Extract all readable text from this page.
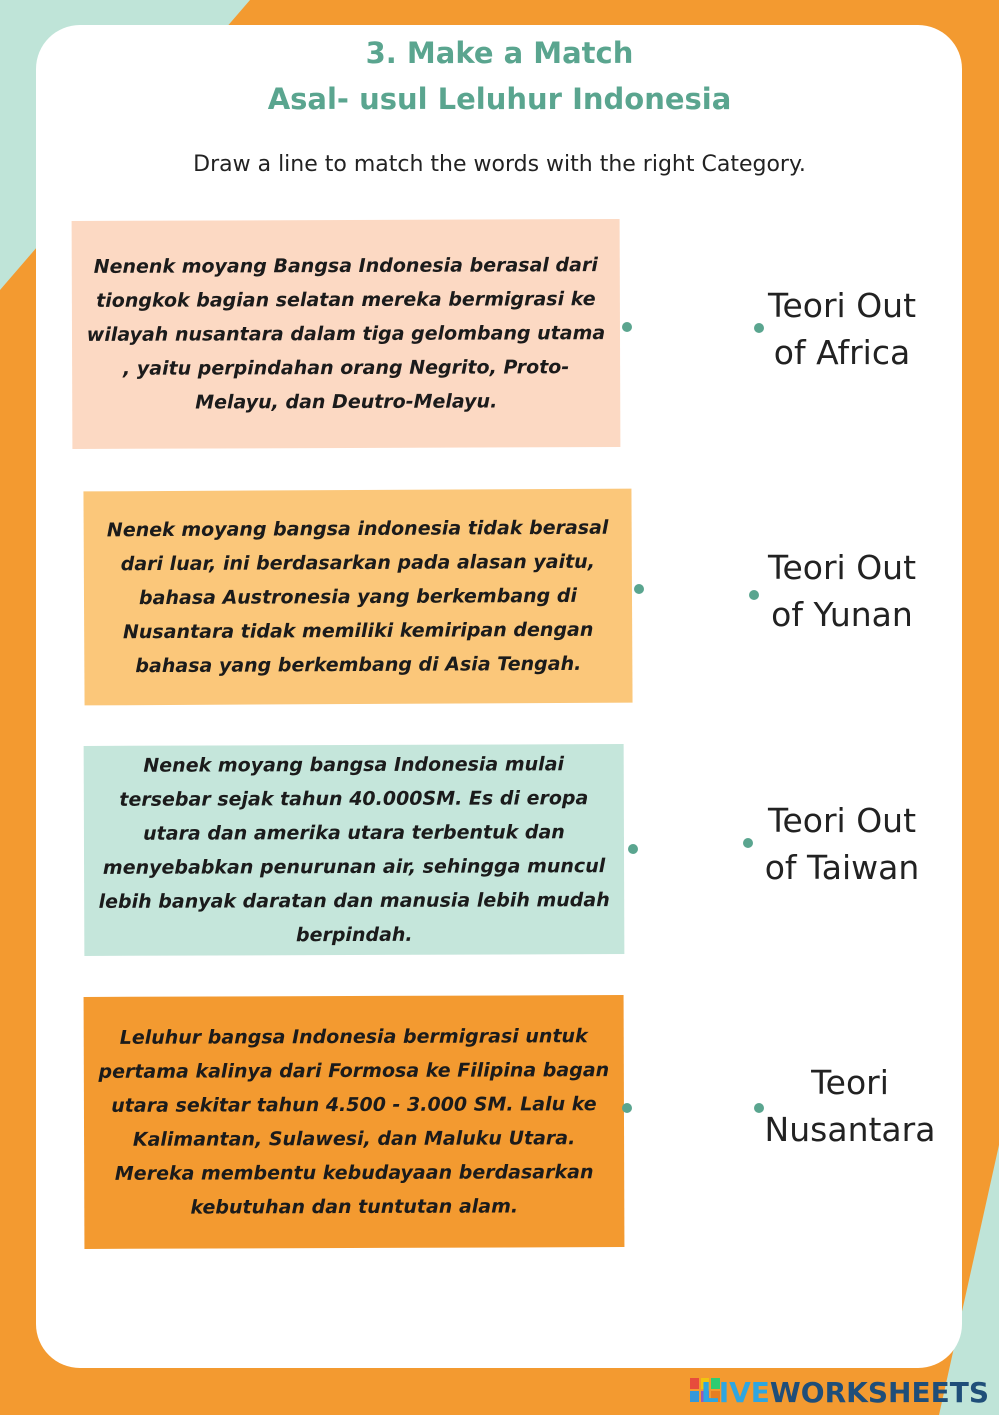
3. Make a Match
Asal- usul Leluhur Indonesia
Draw a line to match the words with the right Category.
Nenenk moyang Bangsa Indonesia berasal dari tiongkok bagian selatan mereka bermigrasi ke wilayah nusantara dalam tiga gelombang utama , yaitu perpindahan orang Negrito, Proto-Melayu, dan Deutro-Melayu.
Nenek moyang bangsa indonesia tidak berasal dari luar, ini berdasarkan pada alasan yaitu, bahasa Austronesia yang berkembang di Nusantara tidak memiliki kemiripan dengan bahasa yang berkembang di Asia Tengah.
Nenek moyang bangsa Indonesia mulai tersebar sejak tahun 40.000SM. Es di eropa utara dan amerika utara terbentuk dan menyebabkan penurunan air, sehingga muncul lebih banyak daratan dan manusia lebih mudah berpindah.
Leluhur bangsa Indonesia bermigrasi untuk pertama kalinya dari Formosa ke Filipina bagan utara sekitar tahun 4.500 - 3.000 SM. Lalu ke Kalimantan, Sulawesi, dan Maluku Utara. Mereka membentu kebudayaan berdasarkan kebutuhan dan tuntutan alam.
Teori Out
of Africa
Teori Out
of Yunan
Teori Out
of Taiwan
Teori
Nusantara
LIVEWORKSHEETS
